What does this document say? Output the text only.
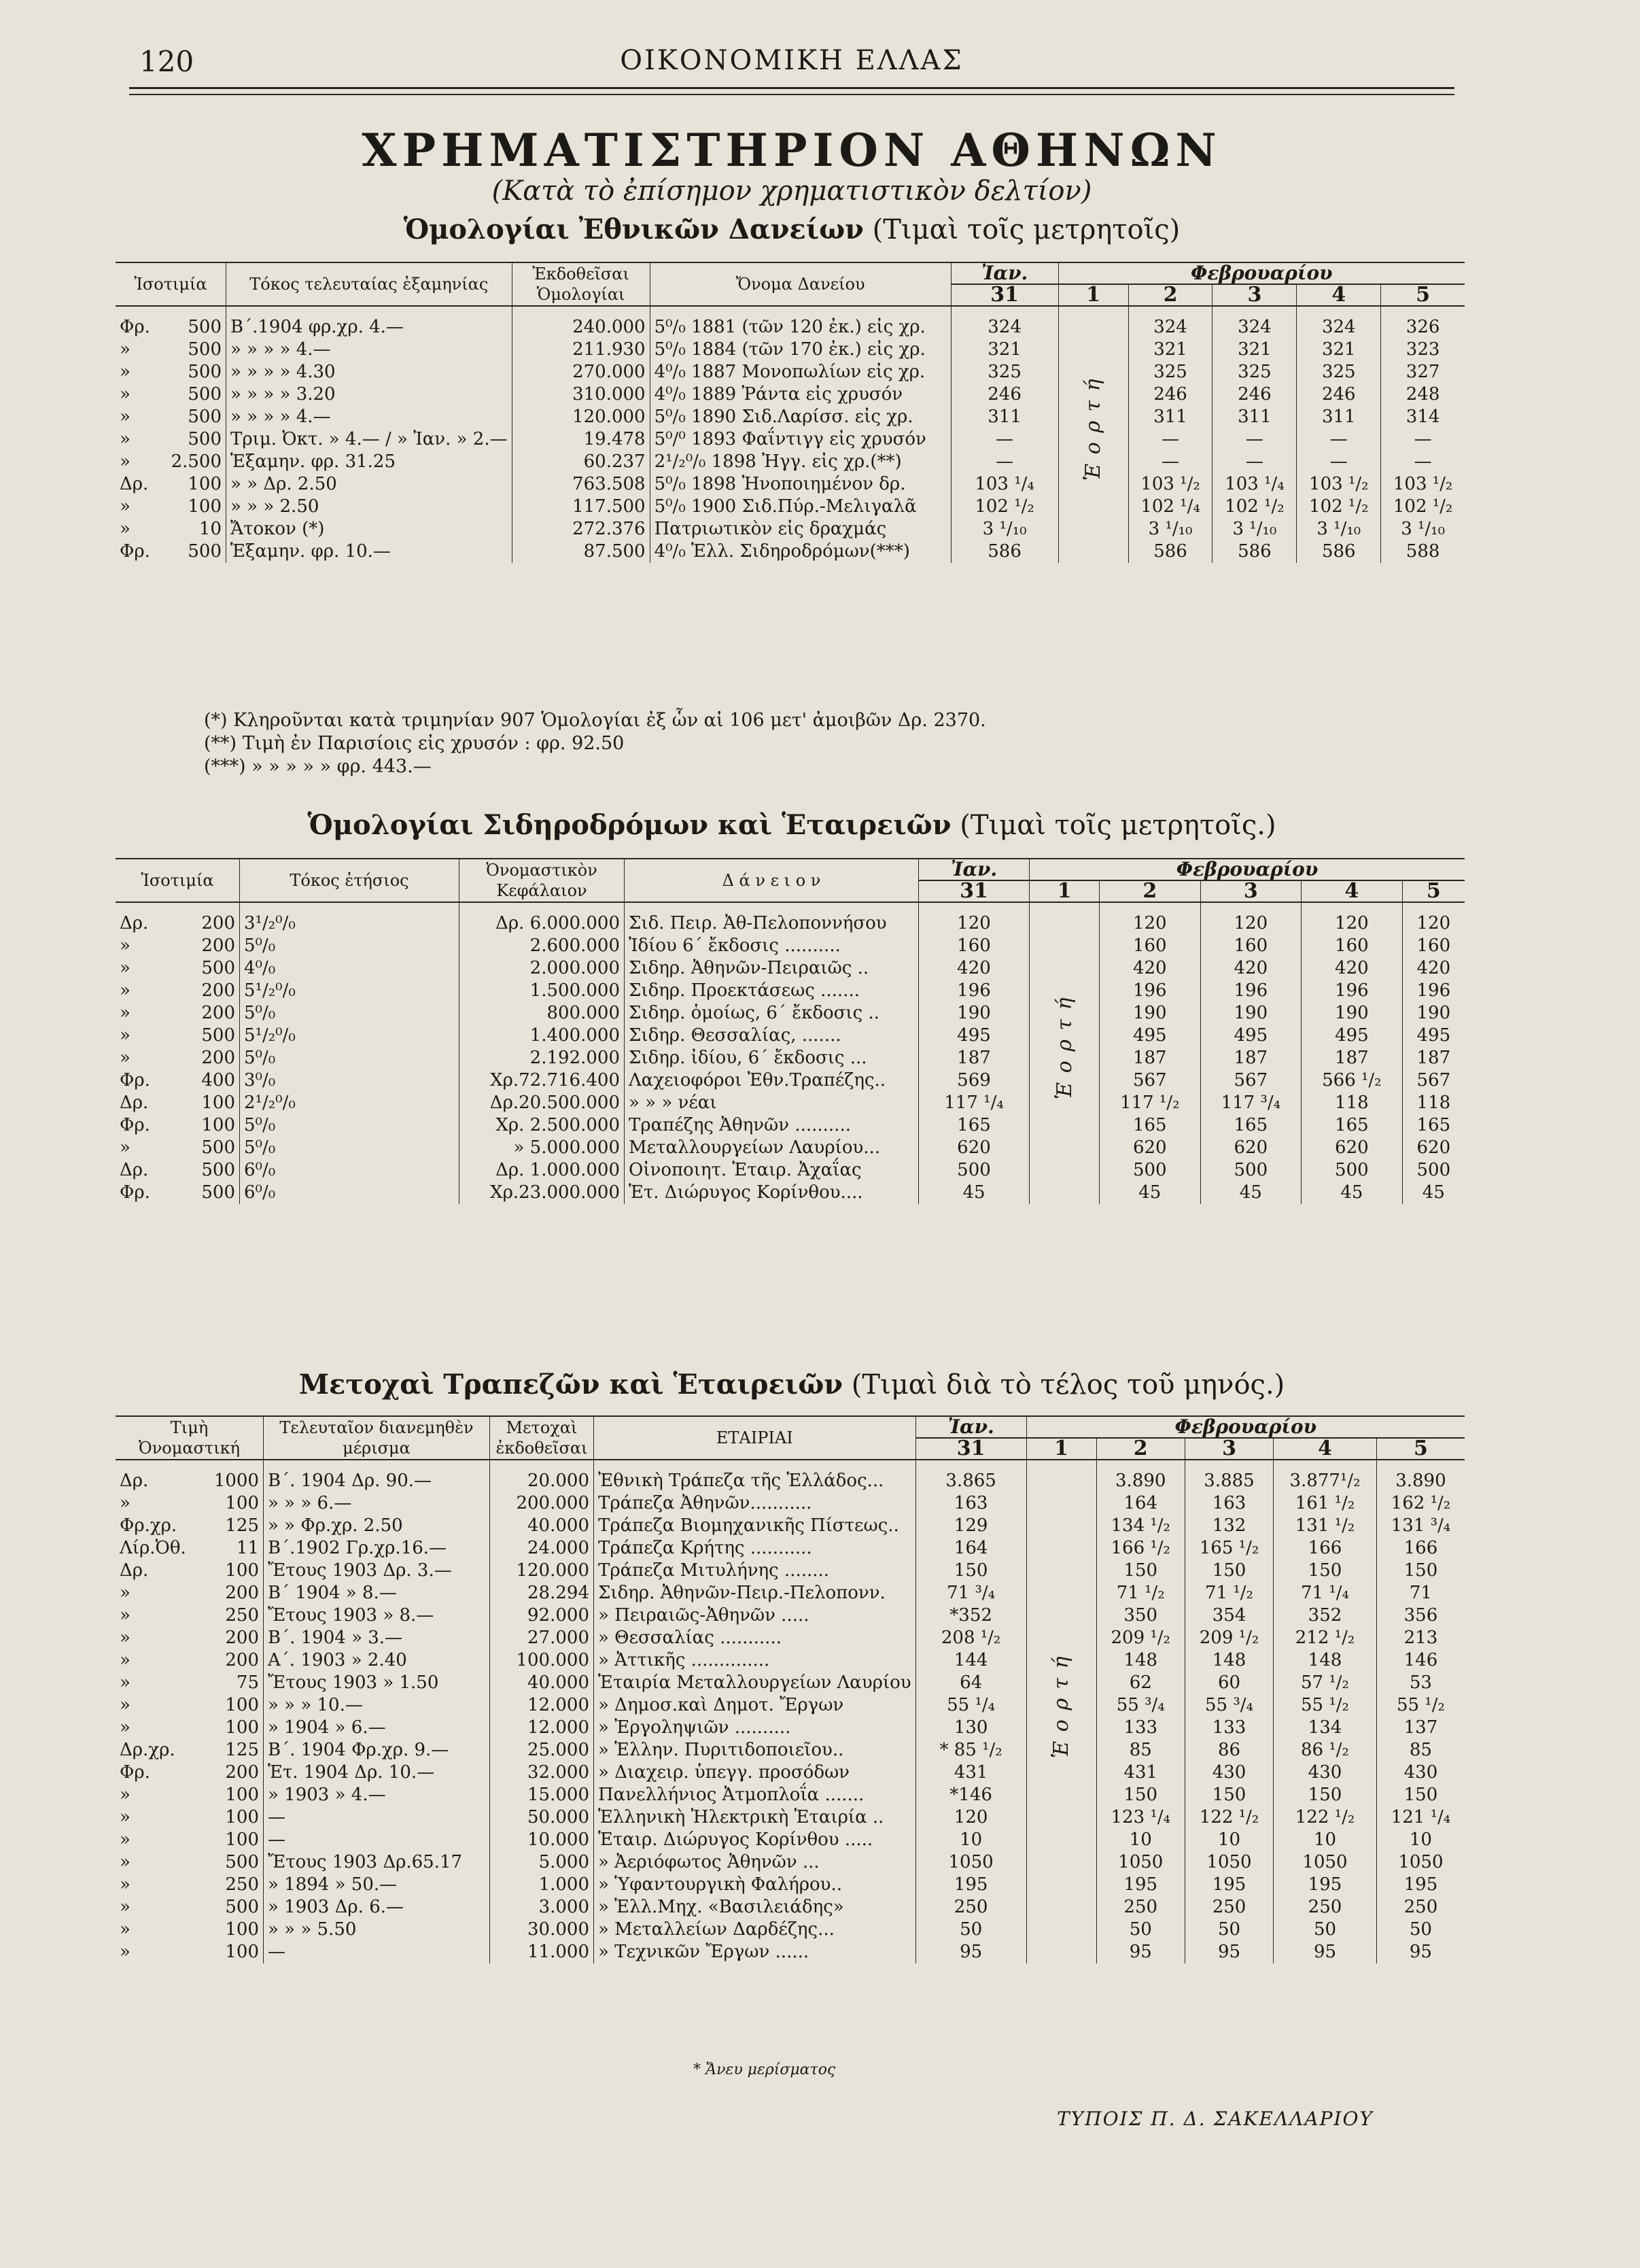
120	ΟΙΚΟΝΟΜΙΚΗ ΕΛΛΑΣ
ΧΡΗΜΑΤΙΣΤΗΡΙΟΝ ΑΘΗΝΩΝ
(Κατὰ τὸ ἐπίσημον χρηματιστικὸν δελτίον)
Ὁμολογίαι Ἐθνικῶν Δανείων (Τιμαὶ τοῖς μετρητοῖς)
Ἰσοτιμία	Τόκος τελευταίας ἑξαμηνίας	Ἐκδοθεῖσαι Ὁμολογίαι	Ὄνομα Δανείου	Ἰαν.	Φεβρουαρίου				
				31	1	2	3	4	5

Φρ. 500	Β΄.1904 φρ.χρ. 4.—	240.000	5⁰/₀ 1881 (τῶν 120 ἐκ.) εἰς χρ.	324	Ἑ ο ρ τ ή	324	324	324	326

» 500	» » » » 4.—	211.930	5⁰/₀ 1884 (τῶν 170 ἐκ.) εἰς χρ.	321		321	321	321	323

» 500	» » » » 4.30	270.000	4⁰/₀ 1887 Μονοπωλίων εἰς χρ.	325		325	325	325	327

» 500	» » » » 3.20	310.000	4⁰/₀ 1889 Ῥάντα εἰς χρυσόν	246		246	246	246	248

» 500	» » » » 4.—	120.000	5⁰/₀ 1890 Σιδ.Λαρίσσ. εἰς χρ.	311		311	311	311	314

» 500	Τριμ. Ὀκτ. » 4.— / » Ἰαν. » 2.—	19.478	5⁰/⁰ 1893 Φαΐντιγγ εἰς χρυσόν	—		—	—	—	—

» 2.500	Ἑξαμην. φρ. 31.25	60.237	2¹/₂⁰/₀ 1898 Ἠγγ. εἰς χρ.(**)	—		—	—	—	—

Δρ. 100	» » Δρ. 2.50	763.508	5⁰/₀ 1898 Ἠνοποιημένον δρ.	103 ¹/₄		103 ¹/₂	103 ¹/₄	103 ¹/₂	103 ¹/₂

» 100	» » » 2.50	117.500	5⁰/₀ 1900 Σιδ.Πύρ.-Μελιγαλᾶ	102 ¹/₂		102 ¹/₄	102 ¹/₂	102 ¹/₂	102 ¹/₂

» 10	Ἄτοκον (*)	272.376	Πατριωτικὸν εἰς δραχμάς	3 ¹/₁₀		3 ¹/₁₀	3 ¹/₁₀	3 ¹/₁₀	3 ¹/₁₀

Φρ. 500	Ἑξαμην. φρ. 10.—	87.500	4⁰/₀ Ἑλλ. Σιδηροδρόμων(***)	586		586	586	586	588
(*) Κληροῦνται κατὰ τριμηνίαν 907 Ὁμολογίαι ἐξ ὧν αἱ 106 μετ' ἀμοιβῶν Δρ. 2370.
(**) Τιμὴ ἐν Παρισίοις εἰς χρυσόν : φρ. 92.50
(***) » » » » » φρ. 443.—
Ὁμολογίαι Σιδηροδρόμων καὶ Ἑταιρειῶν (Τιμαὶ τοῖς μετρητοῖς.)
Ἰσοτιμία	Τόκος ἐτήσιος	Ὀνομαστικὸν Κεφάλαιον	Δ ά ν ε ι ο ν	Ἰαν.	Φεβρουαρίου				
				31	1	2	3	4	5

Δρ. 200	3¹/₂⁰/₀	Δρ. 6.000.000	Σιδ. Πειρ. Ἀθ-Πελοποννήσου	120	Ἑ ο ρ τ ή	120	120	120	120

» 200	5⁰/₀	2.600.000	Ἰδίου 6΄ ἔκδοσις ..........	160		160	160	160	160

» 500	4⁰/₀	2.000.000	Σιδηρ. Ἀθηνῶν-Πειραιῶς ..	420		420	420	420	420

» 200	5¹/₂⁰/₀	1.500.000	Σιδηρ. Προεκτάσεως .......	196		196	196	196	196

» 200	5⁰/₀	800.000	Σιδηρ. ὁμοίως, 6΄ ἔκδοσις ..	190		190	190	190	190

» 500	5¹/₂⁰/₀	1.400.000	Σιδηρ. Θεσσαλίας, .......	495		495	495	495	495

» 200	5⁰/₀	2.192.000	Σιδηρ. ἰδίου, 6΄ ἔκδοσις ...	187		187	187	187	187

Φρ. 400	3⁰/₀	Χρ.72.716.400	Λαχειοφόροι Ἐθν.Τραπέζης..	569		567	567	566 ¹/₂	567

Δρ. 100	2¹/₂⁰/₀	Δρ.20.500.000	» » » νέαι	117 ¹/₄		117 ¹/₂	117 ³/₄	118	118

Φρ. 100	5⁰/₀	Χρ. 2.500.000	Τραπέζης Ἀθηνῶν ..........	165		165	165	165	165

» 500	5⁰/₀	» 5.000.000	Μεταλλουργείων Λαυρίου...	620		620	620	620	620

Δρ. 500	6⁰/₀	Δρ. 1.000.000	Οἰνοποιητ. Ἑταιρ. Ἀχαΐας	500		500	500	500	500

Φρ. 500	6⁰/₀	Χρ.23.000.000	Ἑτ. Διώρυγος Κορίνθου....	45		45	45	45	45
Μετοχαὶ Τραπεζῶν καὶ Ἑταιρειῶν (Τιμαὶ διὰ τὸ τέλος τοῦ μηνός.)
Τιμὴ Ὀνομαστική	Τελευταῖον διανεμηθὲν μέρισμα	Μετοχαὶ ἐκδοθεῖσαι	ΕΤΑΙΡΙΑΙ	Ἰαν.	Φεβρουαρίου				
				31	1	2	3	4	5

Δρ. 1000	Β΄. 1904 Δρ. 90.—	20.000	Ἐθνικὴ Τράπεζα τῆς Ἑλλάδος...	3.865	Ἑ ο ρ τ ή	3.890	3.885	3.877¹/₂	3.890

» 100	» » » 6.—	200.000	Τράπεζα Ἀθηνῶν...........	163		164	163	161 ¹/₂	162 ¹/₂

Φρ.χρ. 125	» » Φρ.χρ. 2.50	40.000	Τράπεζα Βιομηχανικῆς Πίστεως..	129		134 ¹/₂	132	131 ¹/₂	131 ³/₄

Λίρ.Ὀθ. 11	Β΄.1902 Γρ.χρ.16.—	24.000	Τράπεζα Κρήτης ...........	164		166 ¹/₂	165 ¹/₂	166	166

Δρ. 100	Ἔτους 1903 Δρ. 3.—	120.000	Τράπεζα Μιτυλήνης ........	150		150	150	150	150

» 200	Β΄ 1904 » 8.—	28.294	Σιδηρ. Ἀθηνῶν-Πειρ.-Πελοπονν.	71 ³/₄		71 ¹/₂	71 ¹/₂	71 ¹/₄	71

» 250	Ἔτους 1903 » 8.—	92.000	» Πειραιῶς-Ἀθηνῶν .....	*352		350	354	352	356

» 200	Β΄. 1904 » 3.—	27.000	» Θεσσαλίας ...........	208 ¹/₂		209 ¹/₂	209 ¹/₂	212 ¹/₂	213

» 200	Α΄. 1903 » 2.40	100.000	» Ἀττικῆς ..............	144		148	148	148	146

» 75	Ἔτους 1903 » 1.50	40.000	Ἑταιρία Μεταλλουργείων Λαυρίου	64		62	60	57 ¹/₂	53

» 100	» » » 10.—	12.000	» Δημοσ.καὶ Δημοτ. Ἔργων	55 ¹/₄		55 ³/₄	55 ³/₄	55 ¹/₂	55 ¹/₂

» 100	» 1904 » 6.—	12.000	» Ἐργοληψιῶν ..........	130		133	133	134	137

Δρ.χρ. 125	Β΄. 1904 Φρ.χρ. 9.—	25.000	» Ἑλλην. Πυριτιδοποιεῖου..	* 85 ¹/₂		85	86	86 ¹/₂	85

Φρ. 200	Ἑτ. 1904 Δρ. 10.—	32.000	» Διαχειρ. ὑπεγγ. προσόδων	431		431	430	430	430

» 100	» 1903 » 4.—	15.000	Πανελλήνιος Ἀτμοπλοΐα .......	*146		150	150	150	150

» 100	—	50.000	Ἑλληνικὴ Ἠλεκτρικὴ Ἑταιρία ..	120		123 ¹/₄	122 ¹/₂	122 ¹/₂	121 ¹/₄

» 100	—	10.000	Ἑταιρ. Διώρυγος Κορίνθου .....	10		10	10	10	10

» 500	Ἔτους 1903 Δρ.65.17	5.000	» Ἀεριόφωτος Ἀθηνῶν ...	1050		1050	1050	1050	1050

» 250	» 1894 » 50.—	1.000	» Ὑφαντουργικὴ Φαλήρου..	195		195	195	195	195

» 500	» 1903 Δρ. 6.—	3.000	» Ἑλλ.Μηχ. «Βασιλειάδης»	250		250	250	250	250

» 100	» » » 5.50	30.000	» Μεταλλείων Δαρδέζης...	50		50	50	50	50

» 100	—	11.000	» Τεχνικῶν Ἔργων ......	95		95	95	95	95
* Ἄνευ μερίσματος
ΤΥΠΟΙΣ Π. Δ. ΣΑΚΕΛΛΑΡΙΟΥ
